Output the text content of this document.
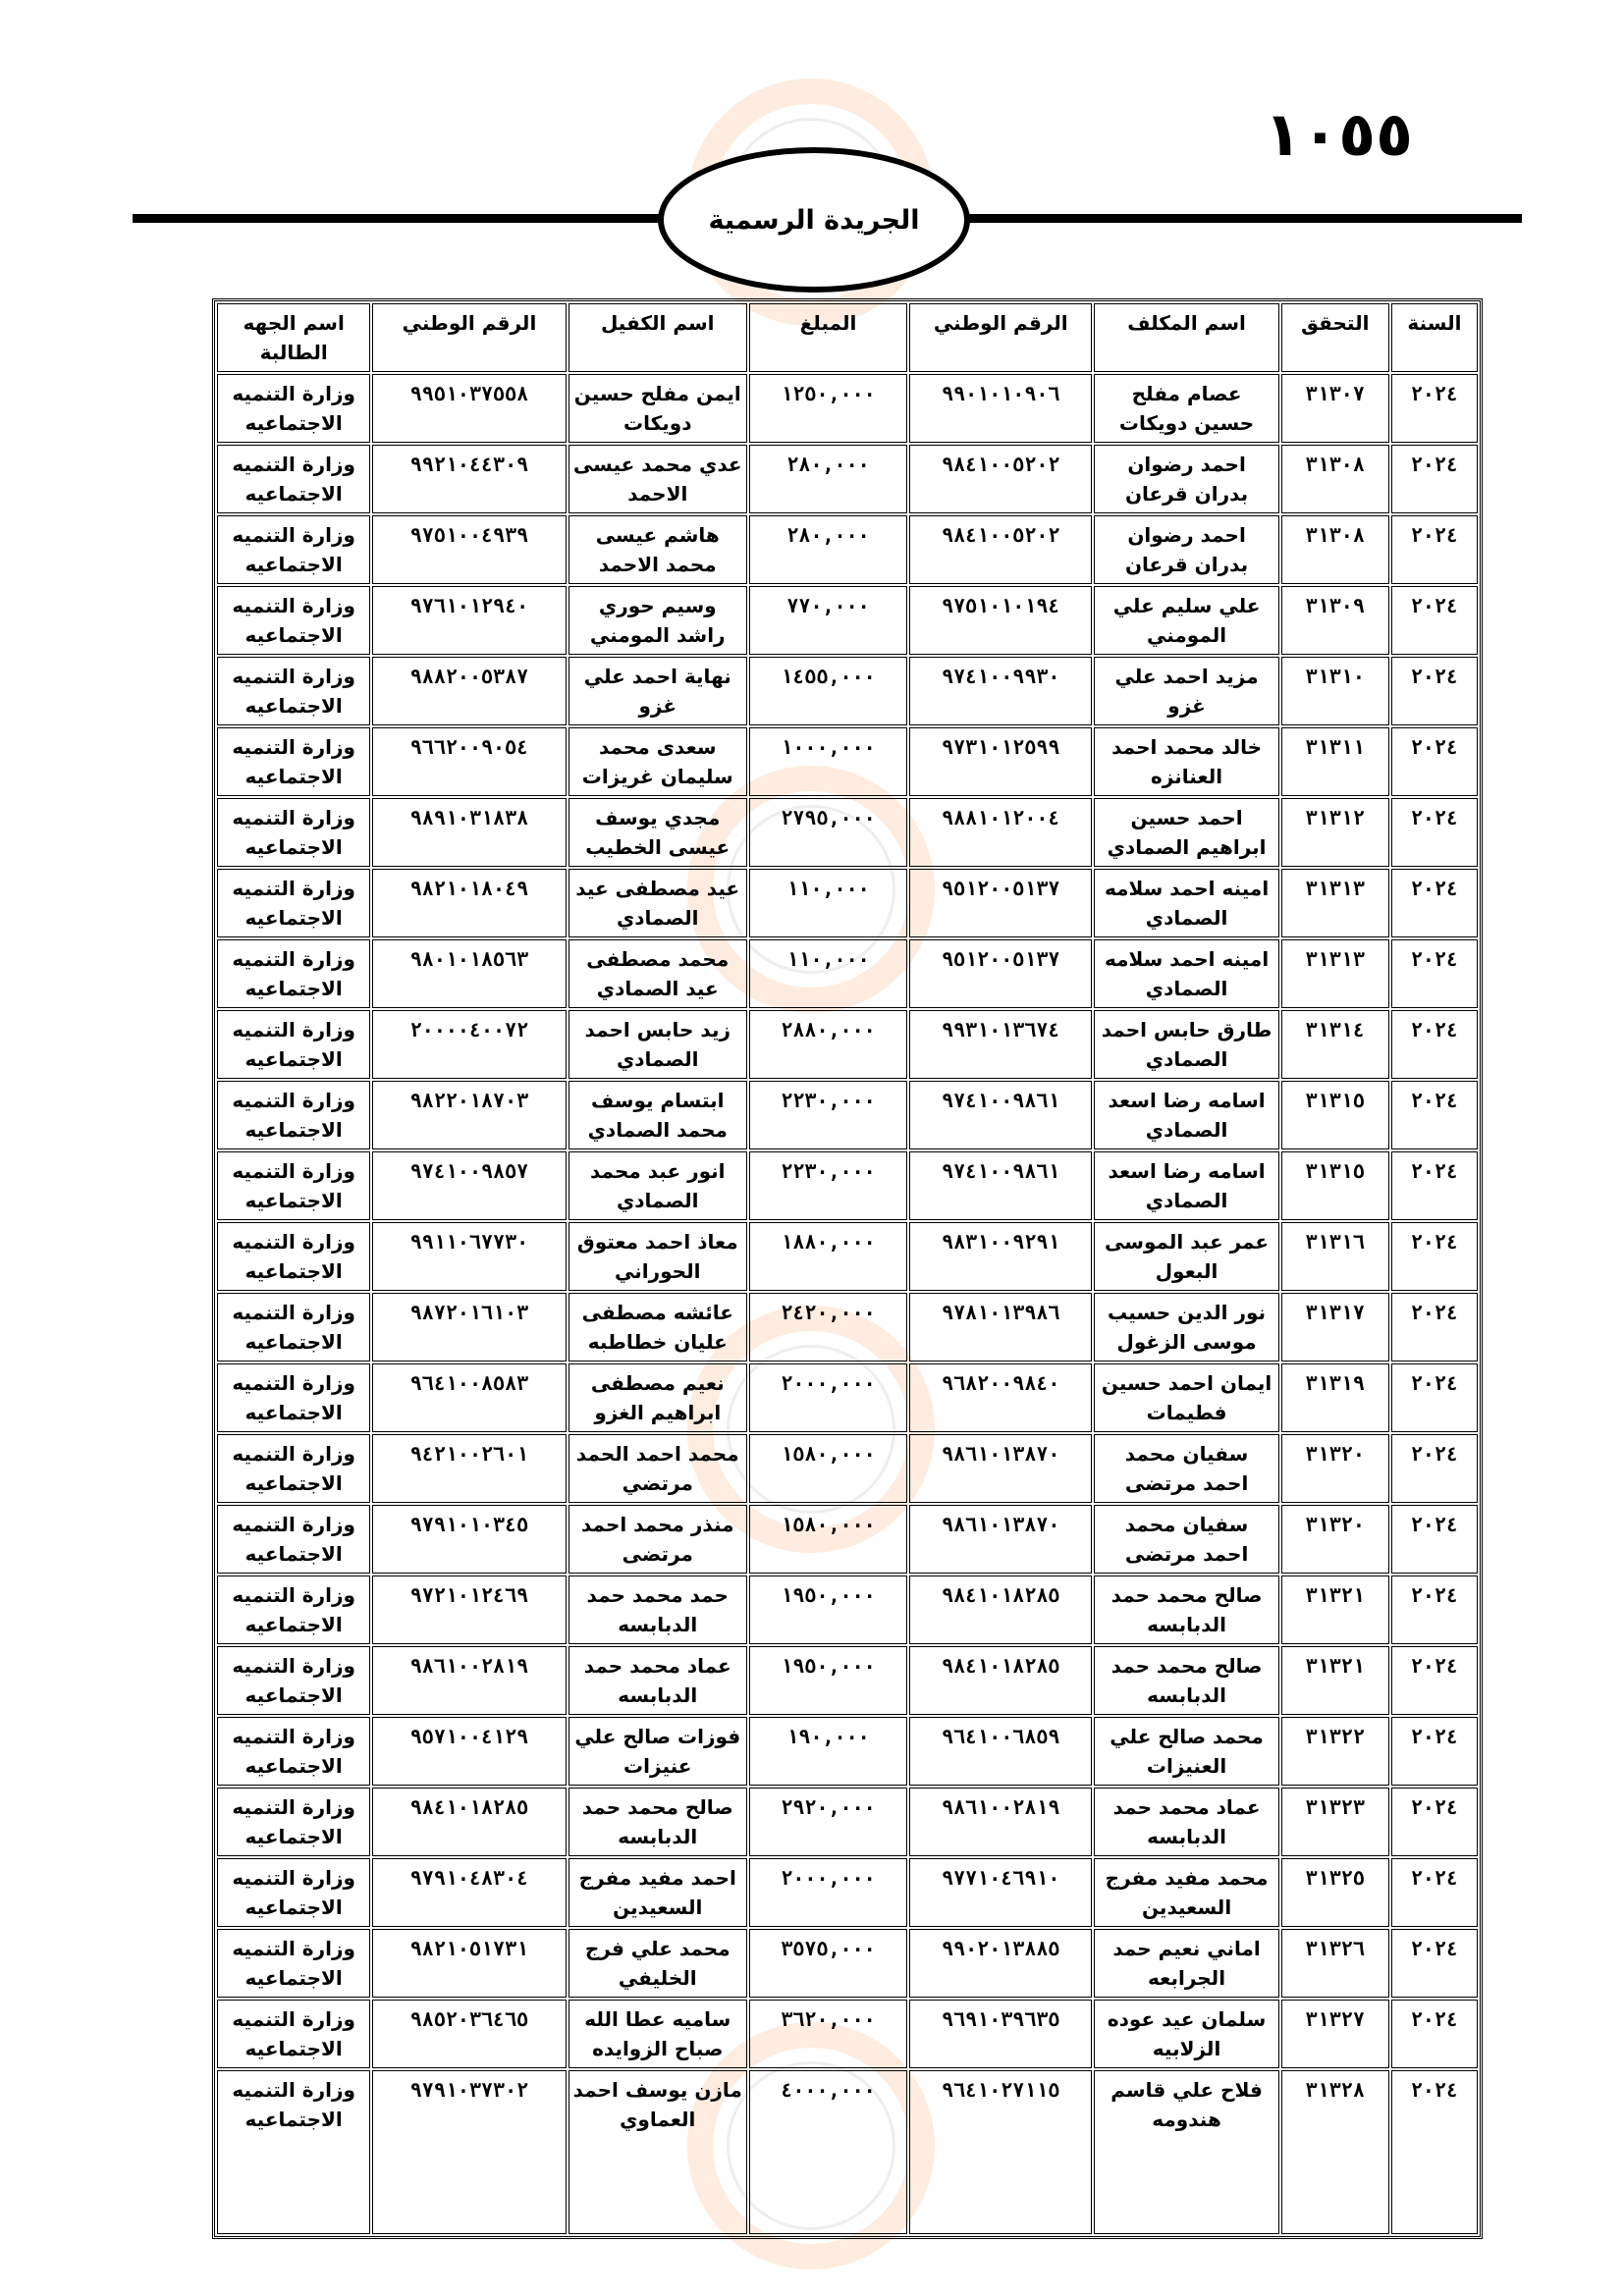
١٠٥٥
الجريدة الرسمية
السنة	التحقق	اسم المكلف	الرقم الوطني	المبلغ	اسم الكفيل	الرقم الوطني	اسم الجهه الطالبة
٢٠٢٤	٣١٣٠٧	عصام مفلح حسين دويكات	٩٩٠١٠١٠٩٠٦	١٢٥٠,٠٠٠	ايمن مفلح حسين دويكات	٩٩٥١٠٣٧٥٥٨	وزارة التنميه الاجتماعيه
٢٠٢٤	٣١٣٠٨	احمد رضوان بدران قرعان	٩٨٤١٠٠٥٢٠٢	٢٨٠,٠٠٠	عدي محمد عيسى الاحمد	٩٩٢١٠٤٤٣٠٩	وزارة التنميه الاجتماعيه
٢٠٢٤	٣١٣٠٨	احمد رضوان بدران قرعان	٩٨٤١٠٠٥٢٠٢	٢٨٠,٠٠٠	هاشم عيسى محمد الاحمد	٩٧٥١٠٠٤٩٣٩	وزارة التنميه الاجتماعيه
٢٠٢٤	٣١٣٠٩	علي سليم علي المومني	٩٧٥١٠١٠١٩٤	٧٧٠,٠٠٠	وسيم حوري راشد المومني	٩٧٦١٠١٢٩٤٠	وزارة التنميه الاجتماعيه
٢٠٢٤	٣١٣١٠	مزيد احمد علي غزو	٩٧٤١٠٠٩٩٣٠	١٤٥٥,٠٠٠	نهاية احمد علي غزو	٩٨٨٢٠٠٥٣٨٧	وزارة التنميه الاجتماعيه
٢٠٢٤	٣١٣١١	خالد محمد احمد العنانزه	٩٧٣١٠١٢٥٩٩	١٠٠٠,٠٠٠	سعدى محمد سليمان غريزات	٩٦٦٢٠٠٩٠٥٤	وزارة التنميه الاجتماعيه
٢٠٢٤	٣١٣١٢	احمد حسين ابراهيم الصمادي	٩٨٨١٠١٢٠٠٤	٢٧٩٥,٠٠٠	مجدي يوسف عيسى الخطيب	٩٨٩١٠٣١٨٣٨	وزارة التنميه الاجتماعيه
٢٠٢٤	٣١٣١٣	امينه احمد سلامه الصمادي	٩٥١٢٠٠٥١٣٧	١١٠,٠٠٠	عيد مصطفى عيد الصمادي	٩٨٢١٠١٨٠٤٩	وزارة التنميه الاجتماعيه
٢٠٢٤	٣١٣١٣	امينه احمد سلامه الصمادي	٩٥١٢٠٠٥١٣٧	١١٠,٠٠٠	محمد مصطفى عيد الصمادي	٩٨٠١٠١٨٥٦٣	وزارة التنميه الاجتماعيه
٢٠٢٤	٣١٣١٤	طارق حابس احمد الصمادي	٩٩٣١٠١٣٦٧٤	٢٨٨٠,٠٠٠	زيد حابس احمد الصمادي	٢٠٠٠٠٤٠٠٧٢	وزارة التنميه الاجتماعيه
٢٠٢٤	٣١٣١٥	اسامه رضا اسعد الصمادي	٩٧٤١٠٠٩٨٦١	٢٢٣٠,٠٠٠	ابتسام يوسف محمد الصمادي	٩٨٢٢٠١٨٧٠٣	وزارة التنميه الاجتماعيه
٢٠٢٤	٣١٣١٥	اسامه رضا اسعد الصمادي	٩٧٤١٠٠٩٨٦١	٢٢٣٠,٠٠٠	انور عبد محمد الصمادي	٩٧٤١٠٠٩٨٥٧	وزارة التنميه الاجتماعيه
٢٠٢٤	٣١٣١٦	عمر عبد الموسى البعول	٩٨٣١٠٠٩٢٩١	١٨٨٠,٠٠٠	معاذ احمد معتوق الحوراني	٩٩١١٠٦٧٧٣٠	وزارة التنميه الاجتماعيه
٢٠٢٤	٣١٣١٧	نور الدين حسيب موسى الزغول	٩٧٨١٠١٣٩٨٦	٢٤٢٠,٠٠٠	عائشه مصطفى عليان خطاطبه	٩٨٧٢٠١٦١٠٣	وزارة التنميه الاجتماعيه
٢٠٢٤	٣١٣١٩	ايمان احمد حسين فطيمات	٩٦٨٢٠٠٩٨٤٠	٢٠٠٠,٠٠٠	نعيم مصطفى ابراهيم الغزو	٩٦٤١٠٠٨٥٨٣	وزارة التنميه الاجتماعيه
٢٠٢٤	٣١٣٢٠	سفيان محمد احمد مرتضى	٩٨٦١٠١٣٨٧٠	١٥٨٠,٠٠٠	محمد احمد الحمد مرتضي	٩٤٢١٠٠٢٦٠١	وزارة التنميه الاجتماعيه
٢٠٢٤	٣١٣٢٠	سفيان محمد احمد مرتضى	٩٨٦١٠١٣٨٧٠	١٥٨٠,٠٠٠	منذر محمد احمد مرتضى	٩٧٩١٠١٠٣٤٥	وزارة التنميه الاجتماعيه
٢٠٢٤	٣١٣٢١	صالح محمد حمد الدبابسه	٩٨٤١٠١٨٢٨٥	١٩٥٠,٠٠٠	حمد محمد حمد الدبابسه	٩٧٢١٠١٢٤٦٩	وزارة التنميه الاجتماعيه
٢٠٢٤	٣١٣٢١	صالح محمد حمد الدبابسه	٩٨٤١٠١٨٢٨٥	١٩٥٠,٠٠٠	عماد محمد حمد الدبابسه	٩٨٦١٠٠٢٨١٩	وزارة التنميه الاجتماعيه
٢٠٢٤	٣١٣٢٢	محمد صالح علي العنيزات	٩٦٤١٠٠٦٨٥٩	١٩٠,٠٠٠	فوزات صالح علي عنيزات	٩٥٧١٠٠٤١٢٩	وزارة التنميه الاجتماعيه
٢٠٢٤	٣١٣٢٣	عماد محمد حمد الدبابسه	٩٨٦١٠٠٢٨١٩	٢٩٢٠,٠٠٠	صالح محمد حمد الدبابسه	٩٨٤١٠١٨٢٨٥	وزارة التنميه الاجتماعيه
٢٠٢٤	٣١٣٢٥	محمد مفيد مفرج السعيدين	٩٧٧١٠٤٦٩١٠	٢٠٠٠,٠٠٠	احمد مفيد مفرج السعيدين	٩٧٩١٠٤٨٣٠٤	وزارة التنميه الاجتماعيه
٢٠٢٤	٣١٣٢٦	اماني نعيم حمد الجرابعه	٩٩٠٢٠١٣٨٨٥	٣٥٧٥,٠٠٠	محمد علي فرج الخليفي	٩٨٢١٠٥١٧٣١	وزارة التنميه الاجتماعيه
٢٠٢٤	٣١٣٢٧	سلمان عيد عوده الزلابيه	٩٦٩١٠٣٩٦٣٥	٣٦٢٠,٠٠٠	ساميه عطا الله صباح الزوايده	٩٨٥٢٠٣٦٤٦٥	وزارة التنميه الاجتماعيه
٢٠٢٤	٣١٣٢٨	فلاح علي قاسم هندومه	٩٦٤١٠٢٧١١٥	٤٠٠٠,٠٠٠	مازن يوسف احمد العماوي	٩٧٩١٠٣٧٣٠٢	وزارة التنميه الاجتماعيه
